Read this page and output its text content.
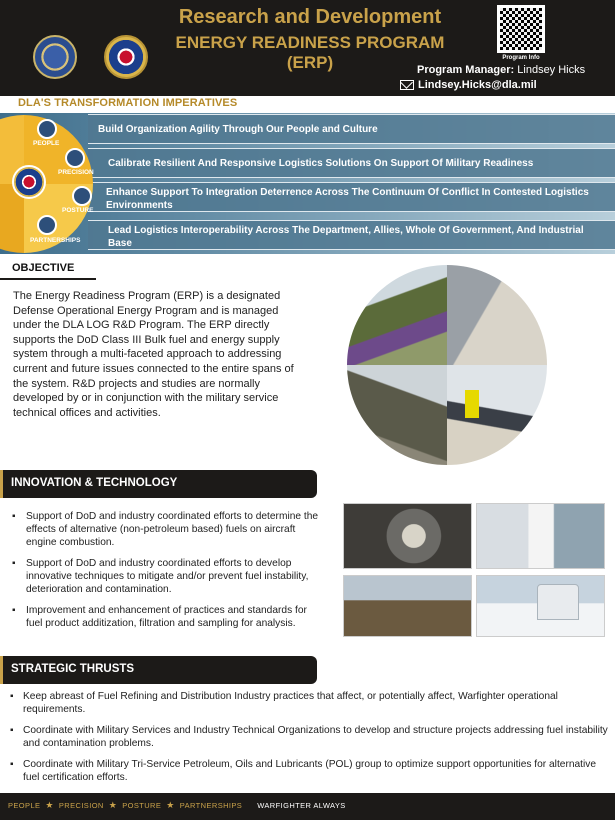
Research and Development
ENERGY READINESS PROGRAM
(ERP)	Program Info
Program Manager: Lindsey Hicks
Lindsey.Hicks@dla.mil
DLA'S TRANSFORMATION IMPERATIVES
Build Organization Agility Through Our People and Culture
Calibrate Resilient And Responsive Logistics Solutions On Support Of Military Readiness
Enhance Support To Integration Deterrence Across The Continuum Of Conflict In Contested Logistics Environments
Lead Logistics Interoperability Across The Department, Allies, Whole Of Government, And Industrial Base
PEOPLE
PRECISION
POSTURE
PARTNERSHIPS
OBJECTIVE
The Energy Readiness Program (ERP) is a designated Defense Operational Energy Program and is managed under the DLA LOG R&D Program. The ERP directly supports the DoD Class III Bulk fuel and energy supply system through a multi-faceted approach to addressing current and future issues connected to the entire spans of the system. R&D projects and studies are normally developed by or in conjunction with the military service technical offices and activities.
INNOVATION & TECHNOLOGY
▪ Support of DoD and industry coordinated efforts to determine the effects of alternative (non-petroleum based) fuels on aircraft engine combustion.
▪ Support of DoD and industry coordinated efforts to develop innovative techniques to mitigate and/or prevent fuel instability, deterioration and contamination.
▪ Improvement and enhancement of practices and standards for fuel product additization, filtration and sampling for analysis.
STRATEGIC THRUSTS
▪ Keep abreast of Fuel Refining and Distribution Industry practices that affect, or potentially affect, Warfighter operational requirements.
▪ Coordinate with Military Services and Industry Technical Organizations to develop and structure projects addressing fuel instability and contamination problems.
▪ Coordinate with Military Tri-Service Petroleum, Oils and Lubricants (POL) group to optimize support opportunities for alternative fuel certification efforts.
PEOPLE ★ PRECISION ★ POSTURE ★ PARTNERSHIPS WARFIGHTER ALWAYS
